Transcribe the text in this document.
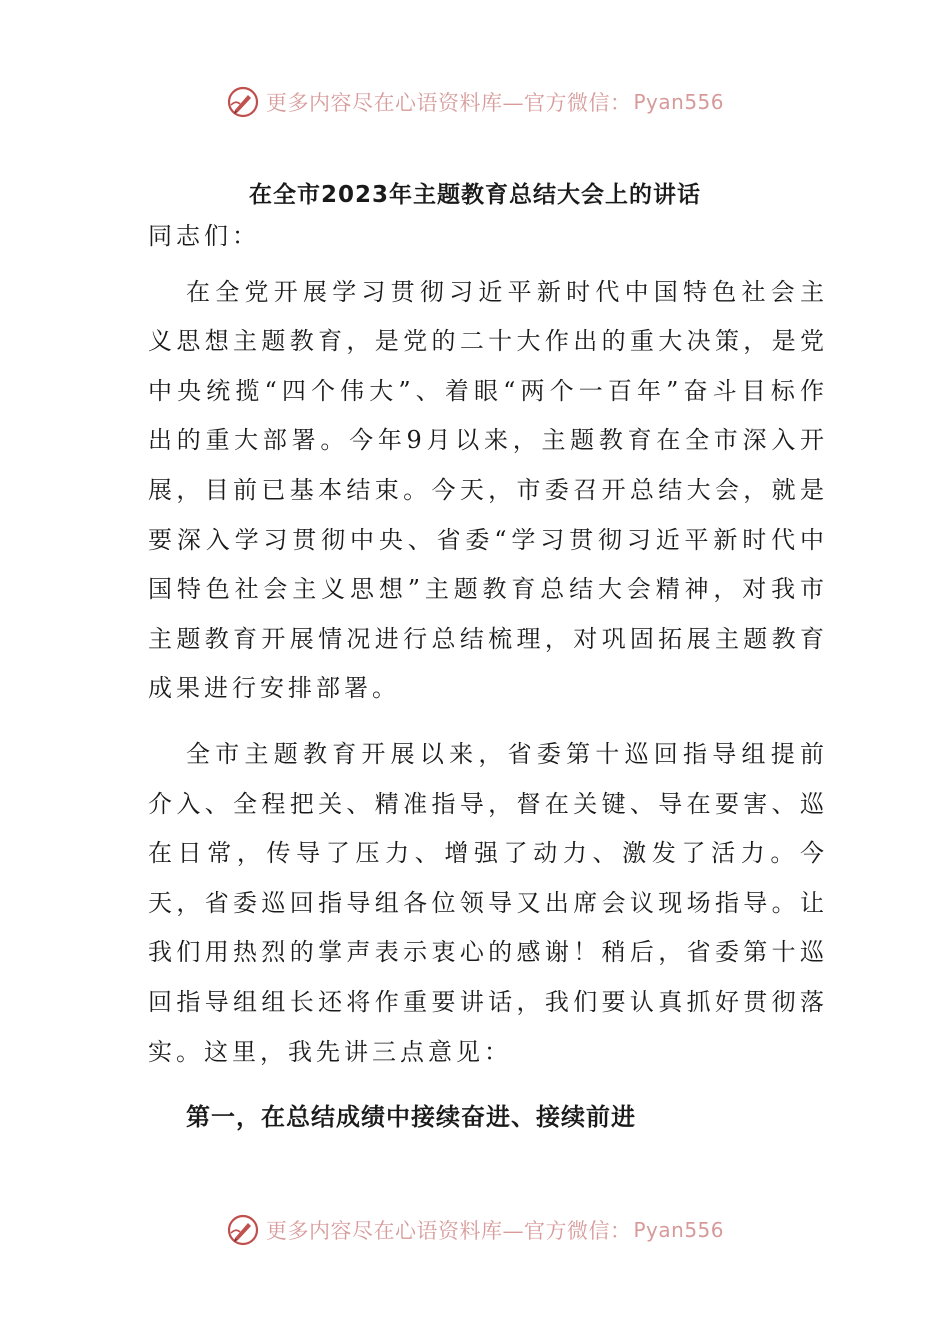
更多内容尽在心语资料库—官方微信： Pyan556
在全市2023年主题教育总结大会上的讲话

同志们：

在全党开展学习贯彻习近平新时代中国特色社会主义思想主题教育，是党的二十大作出的重大决策，是党中央统揽“四个伟大”、着眼“两个一百年”奋斗目标作出的重大部署。今年9月以来，主题教育在全市深入开展，目前已基本结束。今天，市委召开总结大会，就是要深入学习贯彻中央、省委“学习贯彻习近平新时代中国特色社会主义思想”主题教育总结大会精神，对我市主题教育开展情况进行总结梳理，对巩固拓展主题教育成果进行安排部署。

全市主题教育开展以来，省委第十巡回指导组提前介入、全程把关、精准指导，督在关键、导在要害、巡在日常，传导了压力、增强了动力、激发了活力。今天，省委巡回指导组各位领导又出席会议现场指导。让我们用热烈的掌声表示衷心的感谢！稍后，省委第十巡回指导组组长还将作重要讲话，我们要认真抓好贯彻落实。这里，我先讲三点意见：

第一，在总结成绩中接续奋进、接续前进

更多内容尽在心语资料库—官方微信： Pyan556
